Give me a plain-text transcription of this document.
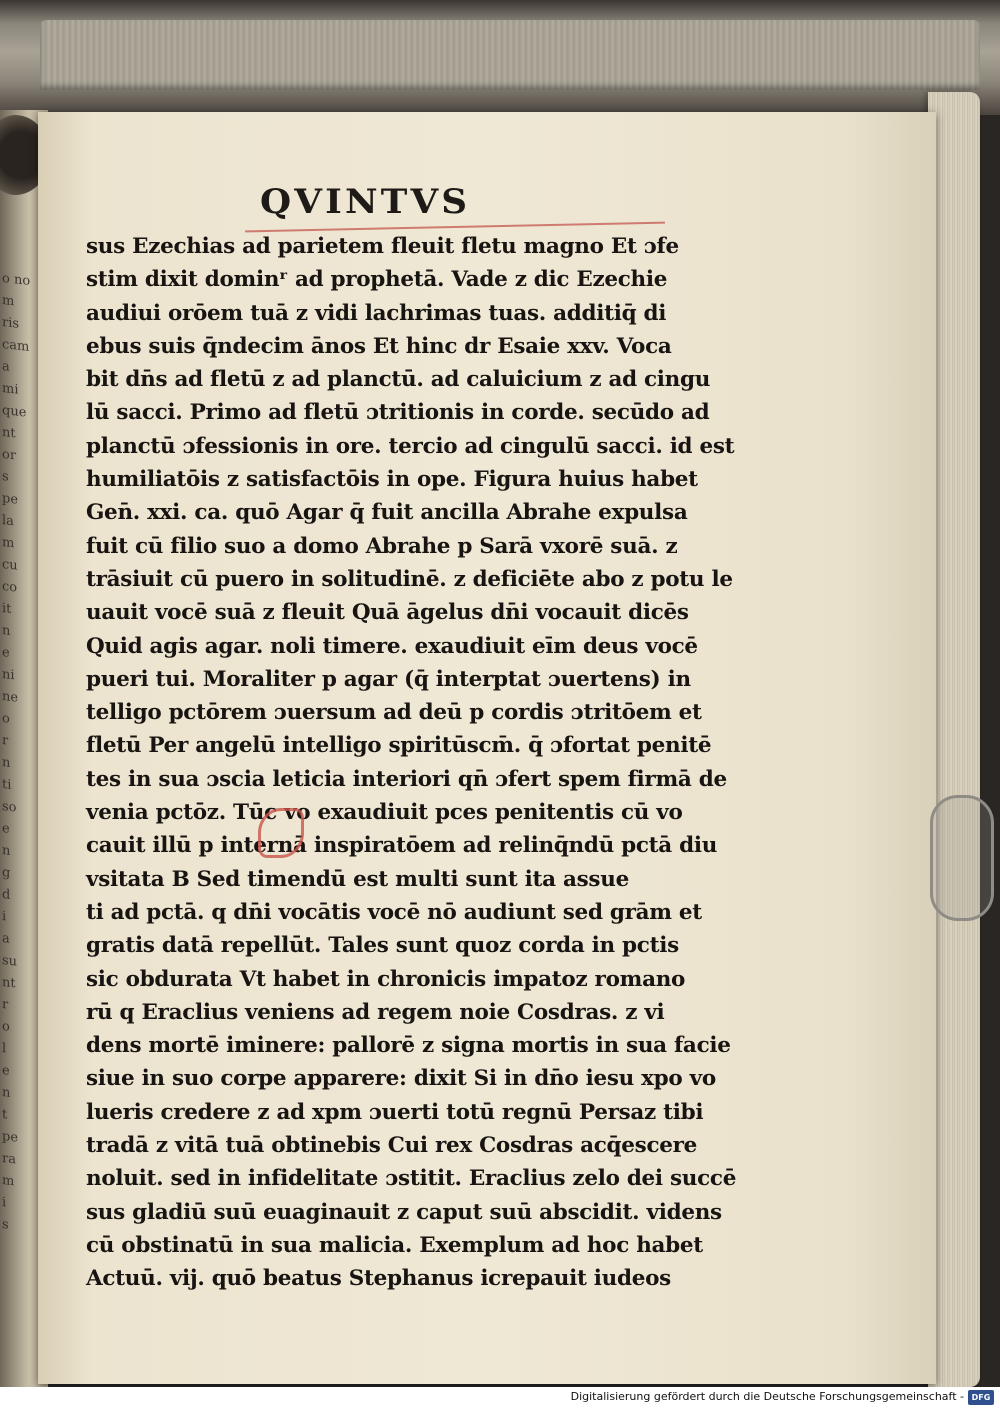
o no
m
ris
cam
a
mi
que
nt
or
s
pe
la
m
cu
co
it
n
e
ni
ne
o
r
n
ti
so
e
n
g
d
i
a
su
nt
r
o
l
e
n
t
pe
ra
m
i
s
QVINTVS
sus Ezechias ad parietem fleuit fletu magno Et ɔfe
stim dixit dominʳ ad prophetā. Vade z dic Ezechie
audiui orōem tuā z vidi lachrimas tuas. additiq̄ di
ebus suis q̄ndecim ānos Et hinc dr Esaie xxv. Voca
bit dn̄s ad fletū z ad planctū. ad caluicium z ad cingu
lū sacci. Primo ad fletū ɔtritionis in corde. secūdo ad
planctū ɔfessionis in ore. tercio ad cingulū sacci. id est
humiliatōis z satisfactōis in ope. Figura huius habet
Gen̄. xxi. ca. quō Agar q̄ fuit ancilla Abrahe expulsa
fuit cū filio suo a domo Abrahe p Sarā vxorē suā. z
trāsiuit cū puero in solitudinē. z deficiēte abo z potu le
uauit vocē suā z fleuit Quā āgelus dn̄i vocauit dicēs
Quid agis agar. noli timere. exaudiuit eīm deus vocē
pueri tui. Moraliter p agar (q̄ interptat ɔuertens) in
telligo pctōrem ɔuersum ad deū p cordis ɔtritōem et
fletū Per angelū intelligo spiritūscm̄. q̄ ɔfortat penitē
tes in sua ɔscia leticia interiori qn̄ ɔfert spem firmā de
venia pctōz. Tūc vo exaudiuit pces penitentis cū vo
cauit illū p internā inspiratōem ad relinq̄ndū pctā diu
vsitata B Sed timendū est multi sunt ita assue
ti ad pctā. q dn̄i vocātis vocē nō audiunt sed grām et
gratis datā repellūt. Tales sunt quoz corda in pctis
sic obdurata Vt habet in chronicis impatoz romano
rū q Eraclius veniens ad regem noie Cosdras. z vi
dens mortē iminere: pallorē z signa mortis in sua facie
siue in suo corpe apparere: dixit Si in dn̄o iesu xpo vo
lueris credere z ad xpm ɔuerti totū regnū Persaz tibi
tradā z vitā tuā obtinebis Cui rex Cosdras acq̄escere
noluit. sed in infidelitate ɔstitit. Eraclius zelo dei succē
sus gladiū suū euaginauit z caput suū abscidit. videns
cū obstinatū in sua malicia. Exemplum ad hoc habet
Actuū. vij. quō beatus Stephanus icrepauit iudeos
Digitalisierung gefördert durch die Deutsche Forschungsgemeinschaft - DFG
